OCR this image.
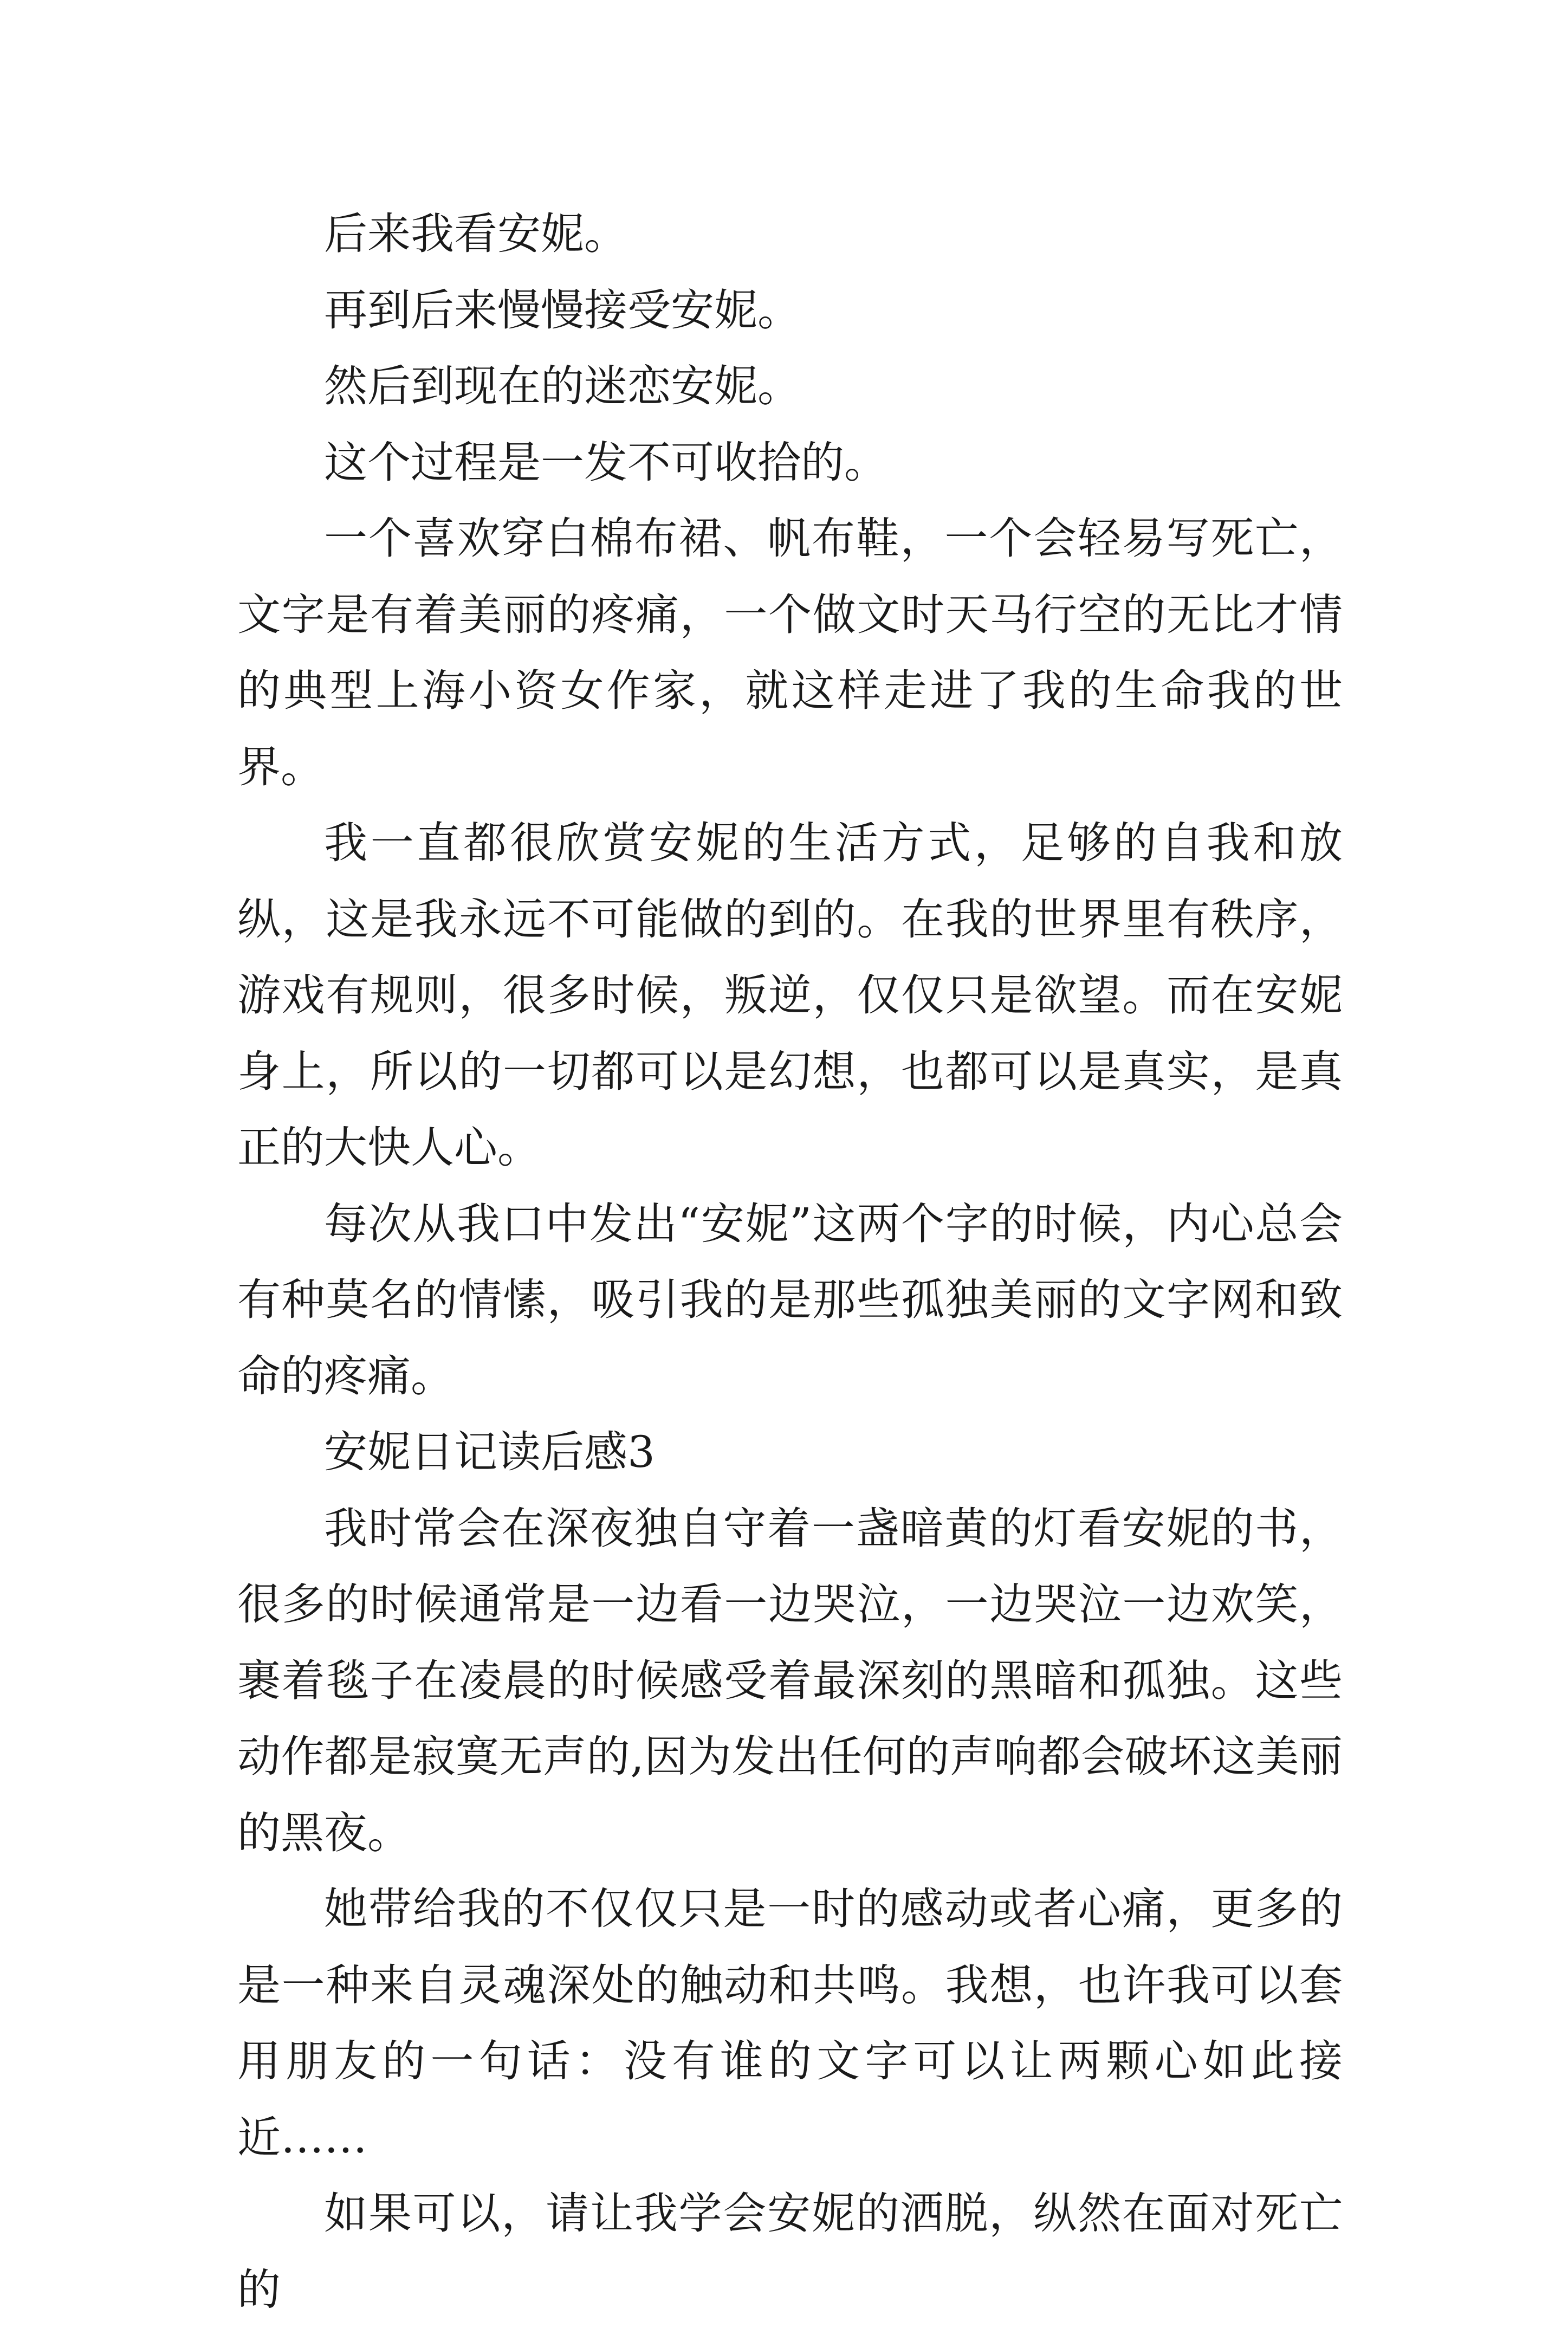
后来我看安妮。

再到后来慢慢接受安妮。

然后到现在的迷恋安妮。

这个过程是一发不可收拾的。

一个喜欢穿白棉布裙、帆布鞋，一个会轻易写死亡，文字是有着美丽的疼痛，一个做文时天马行空的无比才情的典型上海小资女作家，就这样走进了我的生命我的世界。

我一直都很欣赏安妮的生活方式，足够的自我和放纵，这是我永远不可能做的到的。在我的世界里有秩序，游戏有规则，很多时候，叛逆，仅仅只是欲望。而在安妮身上，所以的一切都可以是幻想，也都可以是真实，是真正的大快人心。

每次从我口中发出“安妮”这两个字的时候，内心总会有种莫名的情愫，吸引我的是那些孤独美丽的文字网和致命的疼痛。

安妮日记读后感3

我时常会在深夜独自守着一盏暗黄的灯看安妮的书，很多的时候通常是一边看一边哭泣，一边哭泣一边欢笑，裹着毯子在凌晨的时候感受着最深刻的黑暗和孤独。这些动作都是寂寞无声的,因为发出任何的声响都会破坏这美丽的黑夜。

她带给我的不仅仅只是一时的感动或者心痛，更多的是一种来自灵魂深处的触动和共鸣。我想，也许我可以套用朋友的一句话：没有谁的文字可以让两颗心如此接近……

如果可以，请让我学会安妮的洒脱，纵然在面对死亡的
